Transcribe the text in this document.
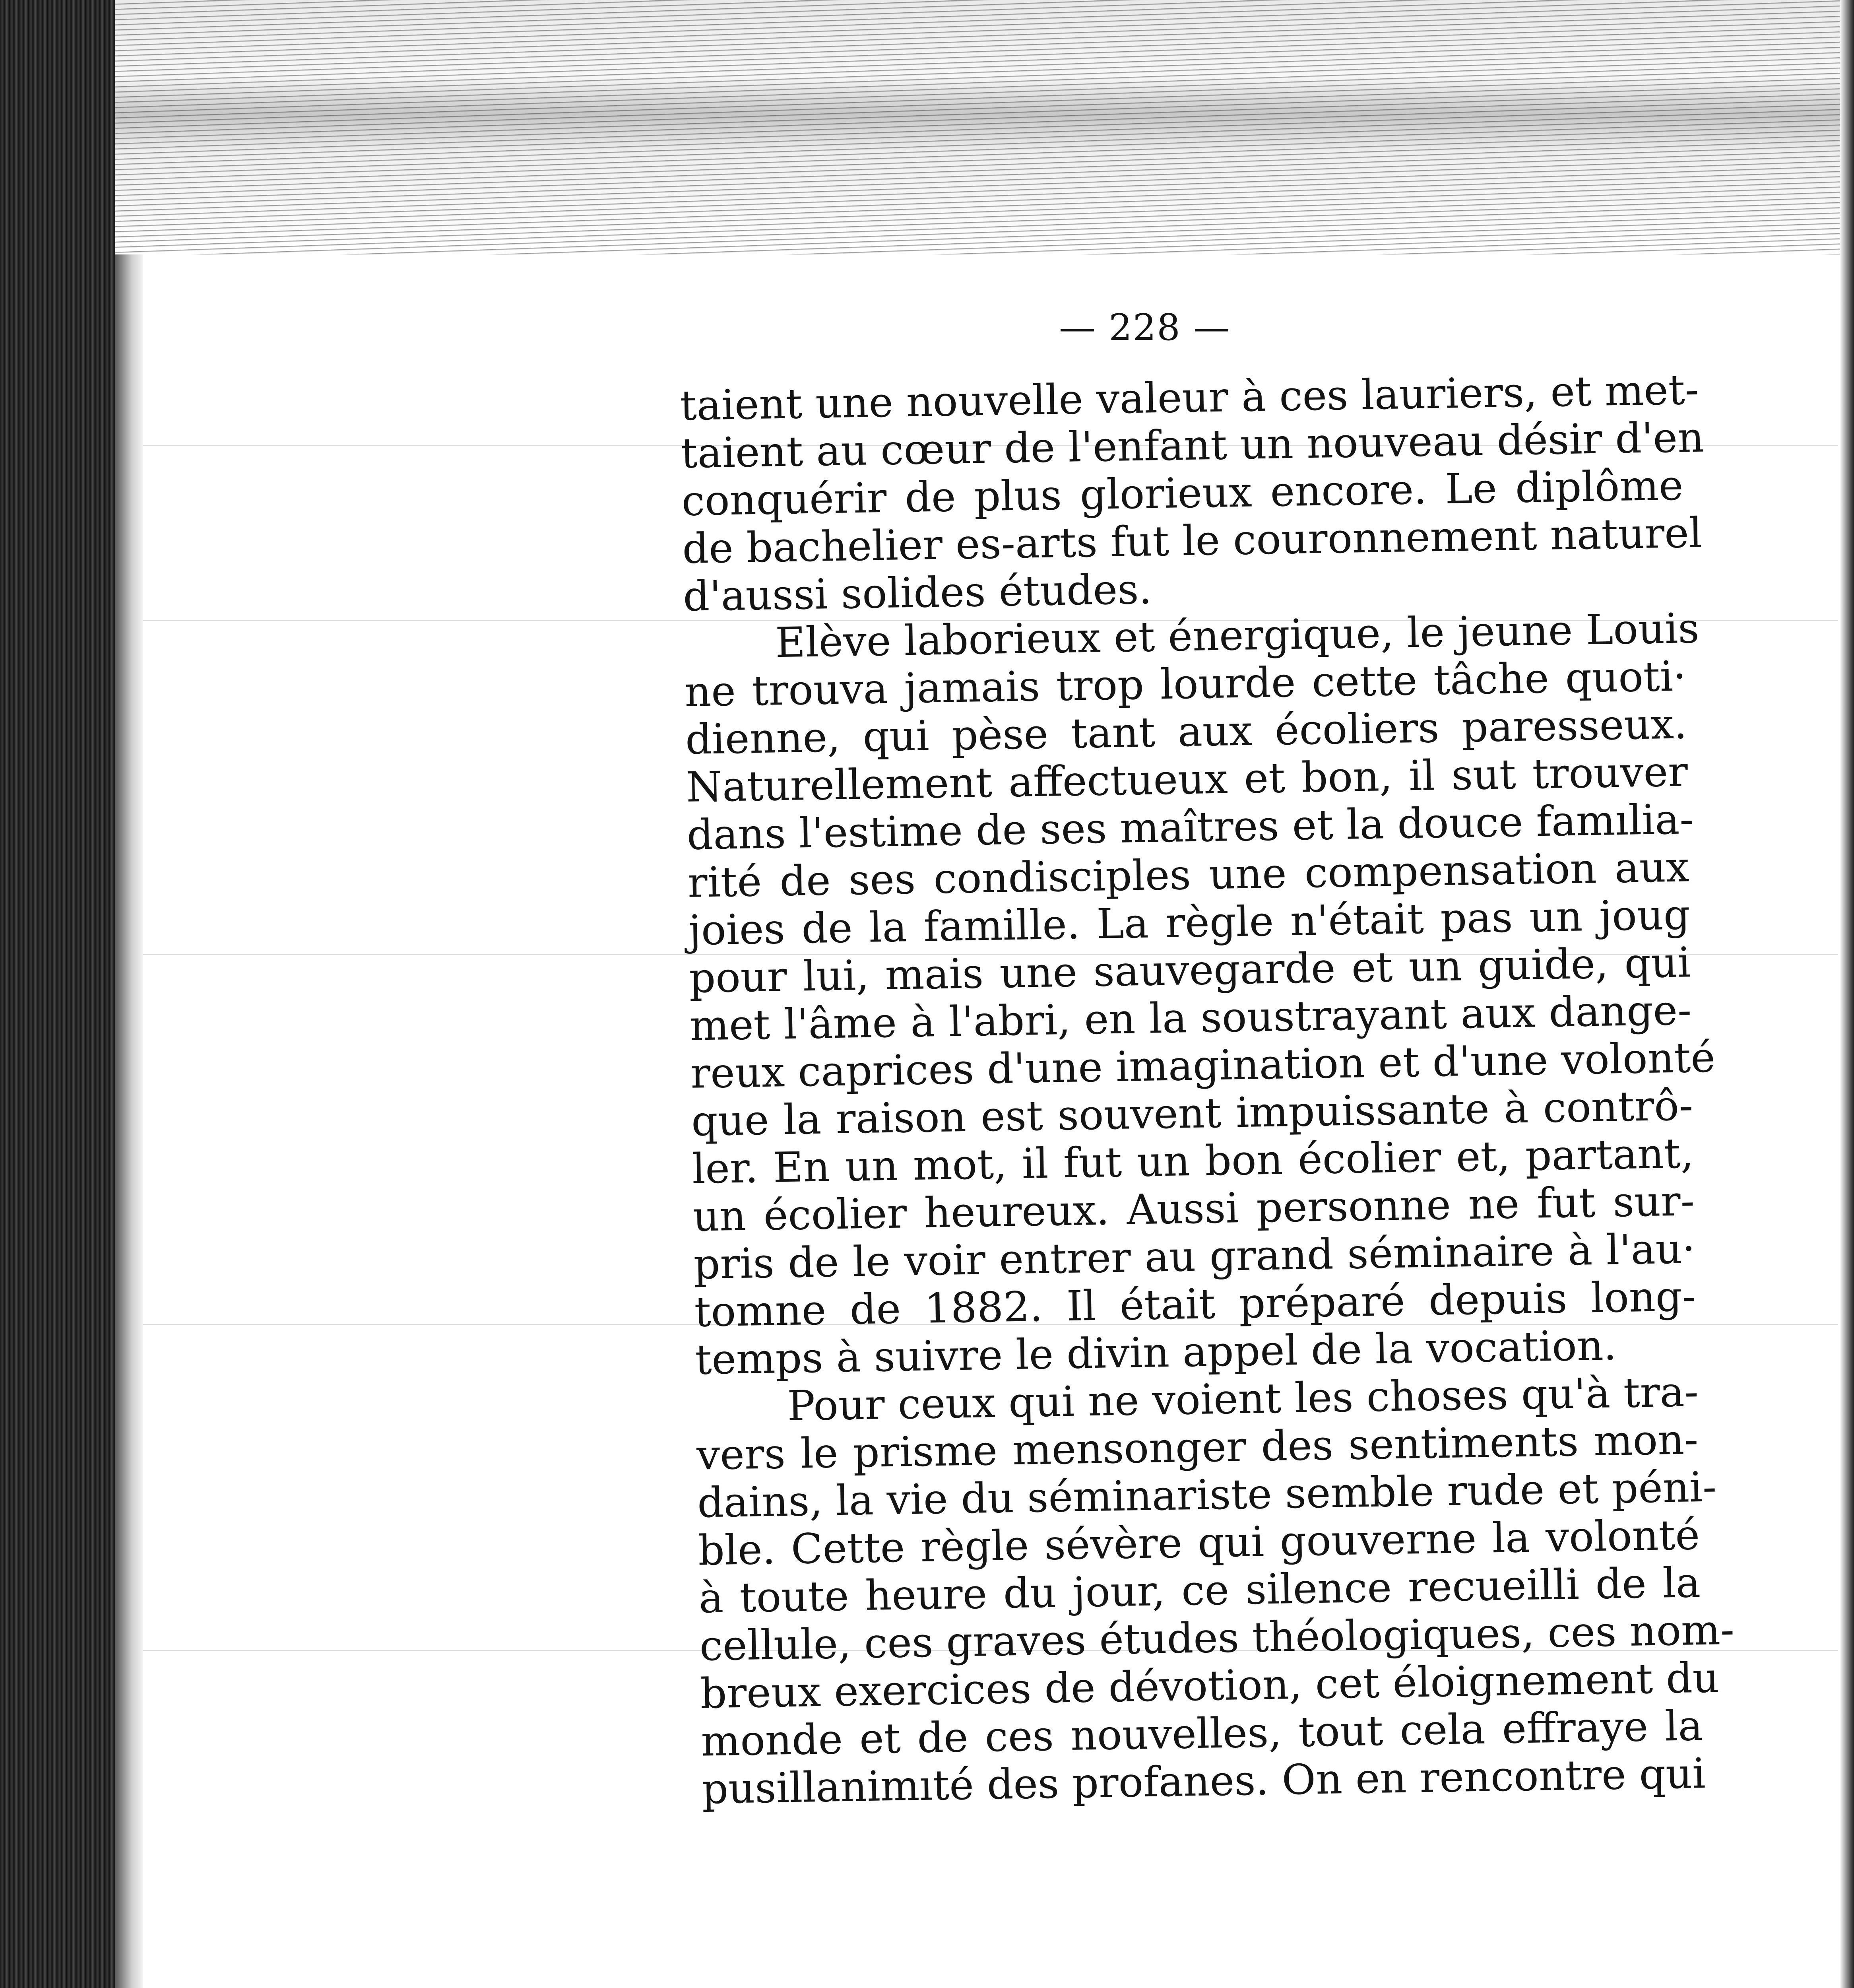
— 228 —
taient une nouvelle valeur à ces lauriers, et met-
taient au cœur de l'enfant un nouveau désir d'en
conquérir de plus glorieux encore. Le diplôme
de bachelier es-arts fut le couronnement naturel
d'aussi solides études.
Elève laborieux et énergique, le jeune Louis
ne trouva jamais trop lourde cette tâche quoti·
dienne, qui pèse tant aux écoliers paresseux.
Naturellement affectueux et bon, il sut trouver
dans l'estime de ses maîtres et la douce famılia-
rité de ses condisciples une compensation aux
joies de la famille. La règle n'était pas un joug
pour lui, mais une sauvegarde et un guide, qui
met l'âme à l'abri, en la soustrayant aux dange-
reux caprices d'une imagination et d'une volonté
que la raison est souvent impuissante à contrô-
ler. En un mot, il fut un bon écolier et, partant,
un écolier heureux. Aussi personne ne fut sur-
pris de le voir entrer au grand séminaire à l'au·
tomne de 1882. Il était préparé depuis long-
temps à suivre le divin appel de la vocation.
Pour ceux qui ne voient les choses qu'à tra-
vers le prisme mensonger des sentiments mon-
dains, la vie du séminariste semble rude et péni-
ble. Cette règle sévère qui gouverne la volonté
à toute heure du jour, ce silence recueilli de la
cellule, ces graves études théologiques, ces nom-
breux exercices de dévotion, cet éloignement du
monde et de ces nouvelles, tout cela effraye la
pusillanimıté des profanes. On en rencontre qui
